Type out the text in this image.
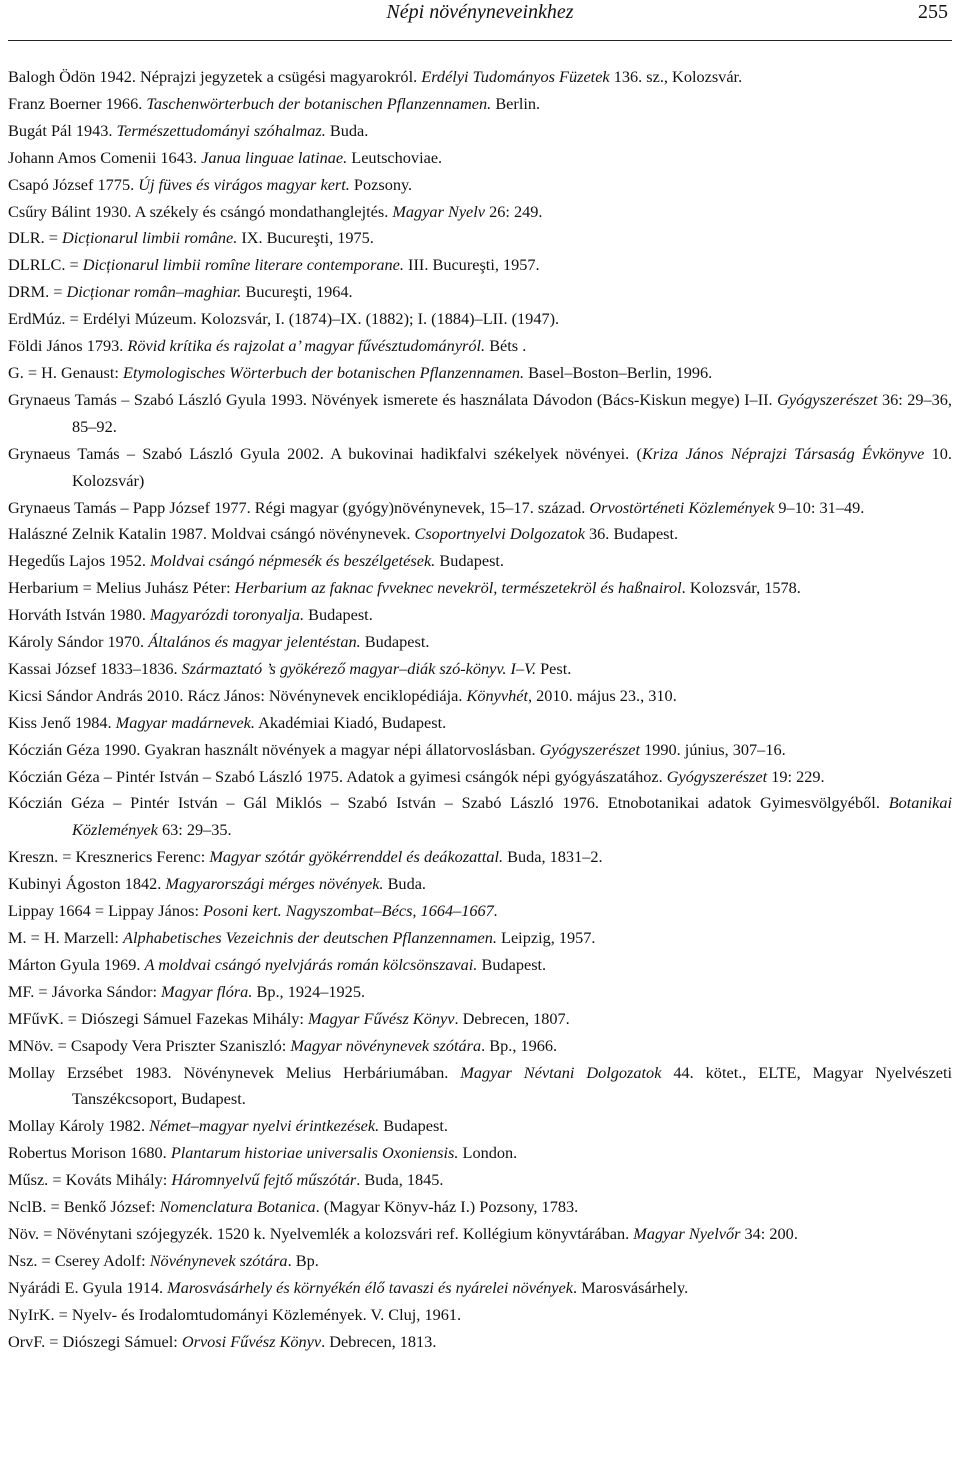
Népi növényneveinkhez	255
Balogh Ödön 1942. Néprajzi jegyzetek a csügési magyarokról. Erdélyi Tudományos Füzetek 136. sz., Kolozsvár.
Franz Boerner 1966. Taschenwörterbuch der botanischen Pflanzennamen. Berlin.
Bugát Pál 1943. Természettudományi szóhalmaz. Buda.
Johann Amos Comenii 1643. Janua linguae latinae. Leutschoviae.
Csapó József 1775. Új füves és virágos magyar kert. Pozsony.
Csűry Bálint 1930. A székely és csángó mondathanglejtés. Magyar Nyelv 26: 249.
DLR. = Dicționarul limbii române. IX. Bucureşti, 1975.
DLRLC. = Dicționarul limbii romîne literare contemporane. III. Bucureşti, 1957.
DRM. = Dicționar român–maghiar. Bucureşti, 1964.
ErdMúz. = Erdélyi Múzeum. Kolozsvár, I. (1874)–IX. (1882); I. (1884)–LII. (1947).
Földi János 1793. Rövid krítika és rajzolat a’ magyar fűvésztudományról. Béts .
G. = H. Genaust: Etymologisches Wörterbuch der botanischen Pflanzennamen. Basel–Boston–Berlin, 1996.
Grynaeus Tamás – Szabó László Gyula 1993. Növények ismerete és használata Dávodon (Bács-Kiskun megye) I–II. Gyógyszerészet 36: 29–36, 85–92.
Grynaeus Tamás – Szabó László Gyula 2002. A bukovinai hadikfalvi székelyek növényei. (Kriza János Néprajzi Társaság Évkönyve 10. Kolozsvár)
Grynaeus Tamás – Papp József 1977. Régi magyar (gyógy)növénynevek, 15–17. század. Orvostörténeti Közlemények 9–10: 31–49.
Halászné Zelnik Katalin 1987. Moldvai csángó növénynevek. Csoportnyelvi Dolgozatok 36. Budapest.
Hegedűs Lajos 1952. Moldvai csángó népmesék és beszélgetések. Budapest.
Herbarium = Melius Juhász Péter: Herbarium az faknac fvveknec nevekröl, természetekröl és haßnairol. Kolozsvár, 1578.
Horváth István 1980. Magyarózdi toronyalja. Budapest.
Károly Sándor 1970. Általános és magyar jelentéstan. Budapest.
Kassai József 1833–1836. Származtató ’s gyökérező magyar–diák szó-könyv. I–V. Pest.
Kicsi Sándor András 2010. Rácz János: Növénynevek enciklopédiája. Könyvhét, 2010. május 23., 310.
Kiss Jenő 1984. Magyar madárnevek. Akadémiai Kiadó, Budapest.
Kóczián Géza 1990. Gyakran használt növények a magyar népi állatorvoslásban. Gyógyszerészet 1990. június, 307–16.
Kóczián Géza – Pintér István – Szabó László 1975. Adatok a gyimesi csángók népi gyógyászatához. Gyógyszerészet 19: 229.
Kóczián Géza – Pintér István – Gál Miklós – Szabó István – Szabó László 1976. Etnobotanikai adatok Gyimesvölgyéből. Botanikai Közlemények 63: 29–35.
Kreszn. = Kresznerics Ferenc: Magyar szótár gyökérrenddel és deákozattal. Buda, 1831–2.
Kubinyi Ágoston 1842. Magyarországi mérges növények. Buda.
Lippay 1664 = Lippay János: Posoni kert. Nagyszombat–Bécs, 1664–1667.
M. = H. Marzell: Alphabetisches Vezeichnis der deutschen Pflanzennamen. Leipzig, 1957.
Márton Gyula 1969. A moldvai csángó nyelvjárás román kölcsönszavai. Budapest.
MF. = Jávorka Sándor: Magyar flóra. Bp., 1924–1925.
MFűvK. = Diószegi Sámuel Fazekas Mihály: Magyar Fűvész Könyv. Debrecen, 1807.
MNöv. = Csapody Vera Priszter Szaniszló: Magyar növénynevek szótára. Bp., 1966.
Mollay Erzsébet 1983. Növénynevek Melius Herbáriumában. Magyar Névtani Dolgozatok 44. kötet., ELTE, Magyar Nyelvészeti Tanszékcsoport, Budapest.
Mollay Károly 1982. Német–magyar nyelvi érintkezések. Budapest.
Robertus Morison 1680. Plantarum historiae universalis Oxoniensis. London.
Műsz. = Kováts Mihály: Háromnyelvű fejtő műszótár. Buda, 1845.
NclB. = Benkő József: Nomenclatura Botanica. (Magyar Könyv-ház I.) Pozsony, 1783.
Növ. = Növénytani szójegyzék. 1520 k. Nyelvemlék a kolozsvári ref. Kollégium könyvtárában. Magyar Nyelvőr 34: 200.
Nsz. = Cserey Adolf: Növénynevek szótára. Bp.
Nyárádi E. Gyula 1914. Marosvásárhely és környékén élő tavaszi és nyárelei növények. Marosvásárhely.
NyIrK. = Nyelv- és Irodalomtudományi Közlemények. V. Cluj, 1961.
OrvF. = Diószegi Sámuel: Orvosi Fűvész Könyv. Debrecen, 1813.
